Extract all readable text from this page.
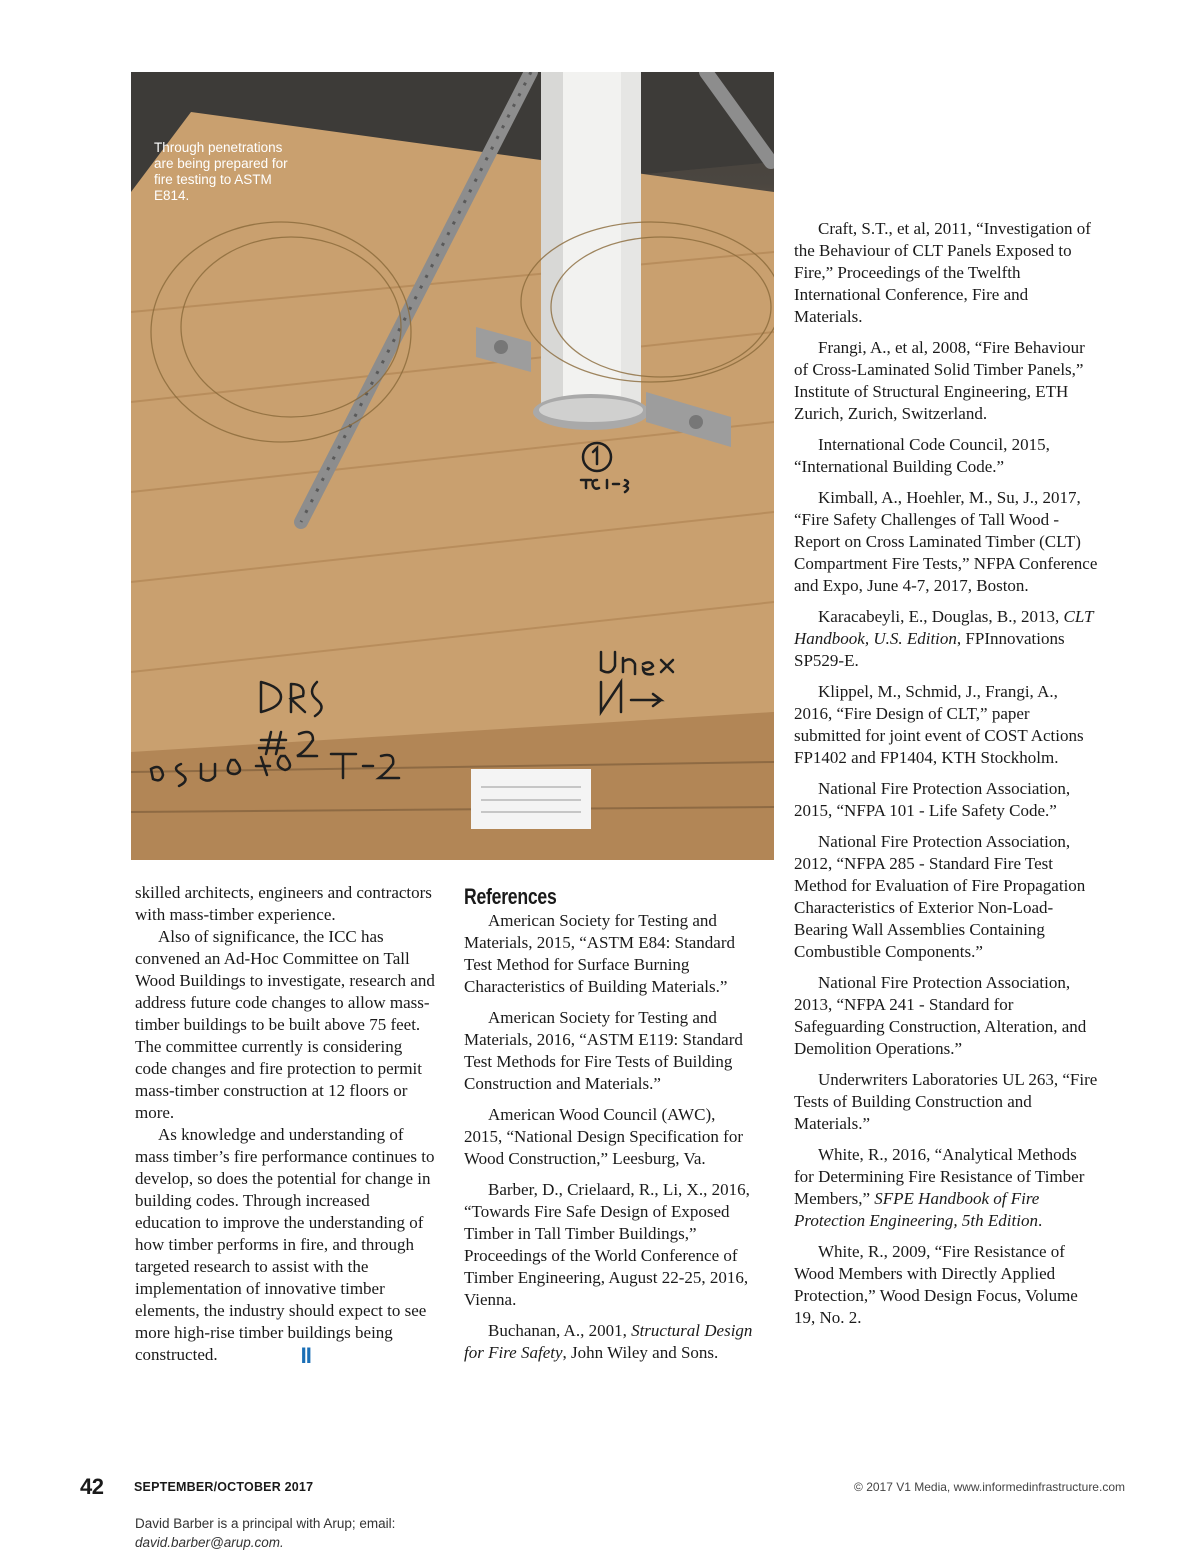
Through penetrations are being prepared for fire testing to ASTM E814.

skilled architects, engineers and contractors with mass-timber experience.

Also of significance, the ICC has convened an Ad-Hoc Committee on Tall Wood Buildings to investigate, research and address future code changes to allow mass-timber buildings to be built above 75 feet. The committee currently is considering code changes and fire protection to permit mass-timber construction at 12 floors or more.

As knowledge and understanding of mass timber’s fire performance continues to develop, so does the potential for change in building codes. Through increased education to improve the understanding of how timber performs in fire, and through targeted research to assist with the implementation of innovative timber elements, the industry should expect to see more high-rise timber buildings being constructed.	II

David Barber is a principal with Arup; email: david.barber@arup.com.

References

American Society for Testing and Materials, 2015, “ASTM E84: Standard Test Method for Surface Burning Characteristics of Building Materials.”

American Society for Testing and Materials, 2016, “ASTM E119: Standard Test Methods for Fire Tests of Building Construction and Materials.”

American Wood Council (AWC), 2015, “National Design Specification for Wood Construction,” Leesburg, Va.

Barber, D., Crielaard, R., Li, X., 2016, “Towards Fire Safe Design of Exposed Timber in Tall Timber Buildings,” Proceedings of the World Conference of Timber Engineering, August 22-25, 2016, Vienna.

Buchanan, A., 2001, Structural Design for Fire Safety, John Wiley and Sons.

Craft, S.T., et al, 2011, “Investigation of the Behaviour of CLT Panels Exposed to Fire,” Proceedings of the Twelfth International Conference, Fire and Materials.

Frangi, A., et al, 2008, “Fire Behaviour of Cross-Laminated Solid Timber Panels,” Institute of Structural Engineering, ETH Zurich, Zurich, Switzerland.

International Code Council, 2015, “International Building Code.”

Kimball, A., Hoehler, M., Su, J., 2017, “Fire Safety Challenges of Tall Wood - Report on Cross Laminated Timber (CLT) Compartment Fire Tests,” NFPA Conference and Expo, June 4-7, 2017, Boston.

Karacabeyli, E., Douglas, B., 2013, CLT Handbook, U.S. Edition, FPInnovations SP529-E.

Klippel, M., Schmid, J., Frangi, A., 2016, “Fire Design of CLT,” paper submitted for joint event of COST Actions FP1402 and FP1404, KTH Stockholm.

National Fire Protection Association, 2015, “NFPA 101 - Life Safety Code.”

National Fire Protection Association, 2012, “NFPA 285 - Standard Fire Test Method for Evaluation of Fire Propagation Characteristics of Exterior Non-Load-Bearing Wall Assemblies Containing Combustible Components.”

National Fire Protection Association, 2013, “NFPA 241 - Standard for Safeguarding Construction, Alteration, and Demolition Operations.”

Underwriters Laboratories UL 263, “Fire Tests of Building Construction and Materials.”

White, R., 2016, “Analytical Methods for Determining Fire Resistance of Timber Members,” SFPE Handbook of Fire Protection Engineering, 5th Edition.

White, R., 2009, “Fire Resistance of Wood Members with Directly Applied Protection,” Wood Design Focus, Volume 19, No. 2.

42 SEPTEMBER/OCTOBER 2017	© 2017 V1 Media, www.informedinfrastructure.com
